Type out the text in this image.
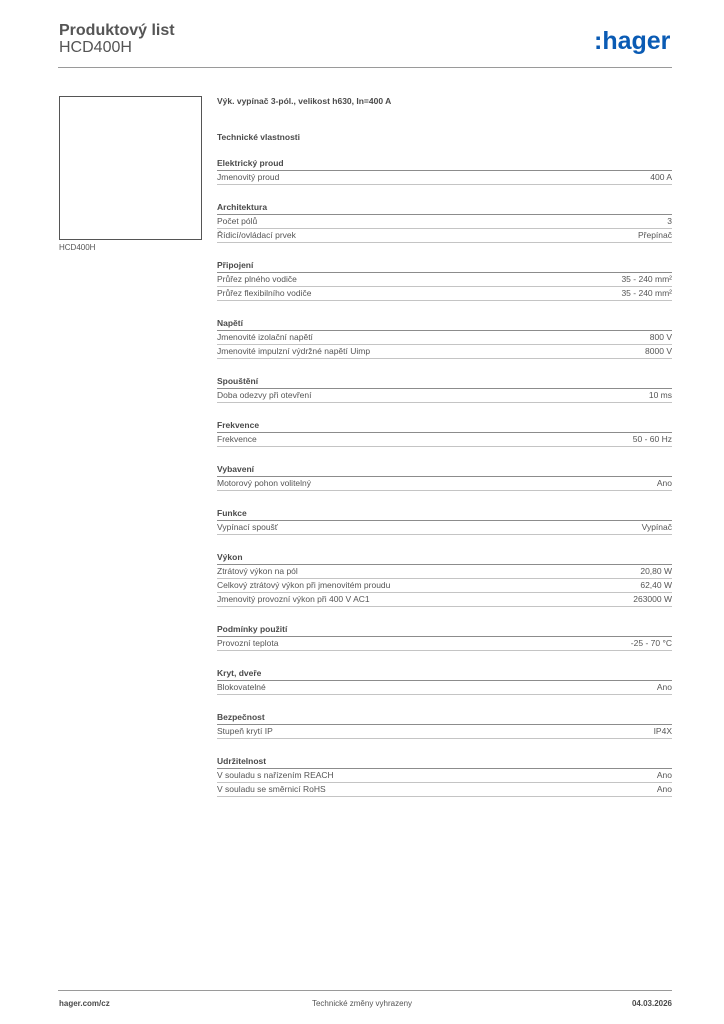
Produktový list
HCD400H	:hager
HCD400H
Výk. vypínač 3-pól., velikost h630, In=400 A
Technické vlastnosti
Elektrický proud
Jmenovitý proud	400 A
Architektura
Počet pólů	3
Řídicí/ovládací prvek	Přepínač
Připojení
Průřez plného vodiče	35 - 240 mm²
Průřez flexibilního vodiče	35 - 240 mm²
Napětí
Jmenovité izolační napětí	800 V
Jmenovité impulzní výdržné napětí Uimp	8000 V
Spouštění
Doba odezvy při otevření	10 ms
Frekvence
Frekvence	50 - 60 Hz
Vybavení
Motorový pohon volitelný	Ano
Funkce
Vypínací spoušť	Vypínač
Výkon
Ztrátový výkon na pól	20,80 W
Celkový ztrátový výkon při jmenovitém proudu	62,40 W
Jmenovitý provozní výkon při 400 V AC1	263000 W
Podmínky použití
Provozní teplota	-25 - 70 °C
Kryt, dveře
Blokovatelné	Ano
Bezpečnost
Stupeň krytí IP	IP4X
Udržitelnost
V souladu s nařízením REACH	Ano
V souladu se směrnicí RoHS	Ano
hager.com/cz	Technické změny vyhrazeny	04.03.2026
